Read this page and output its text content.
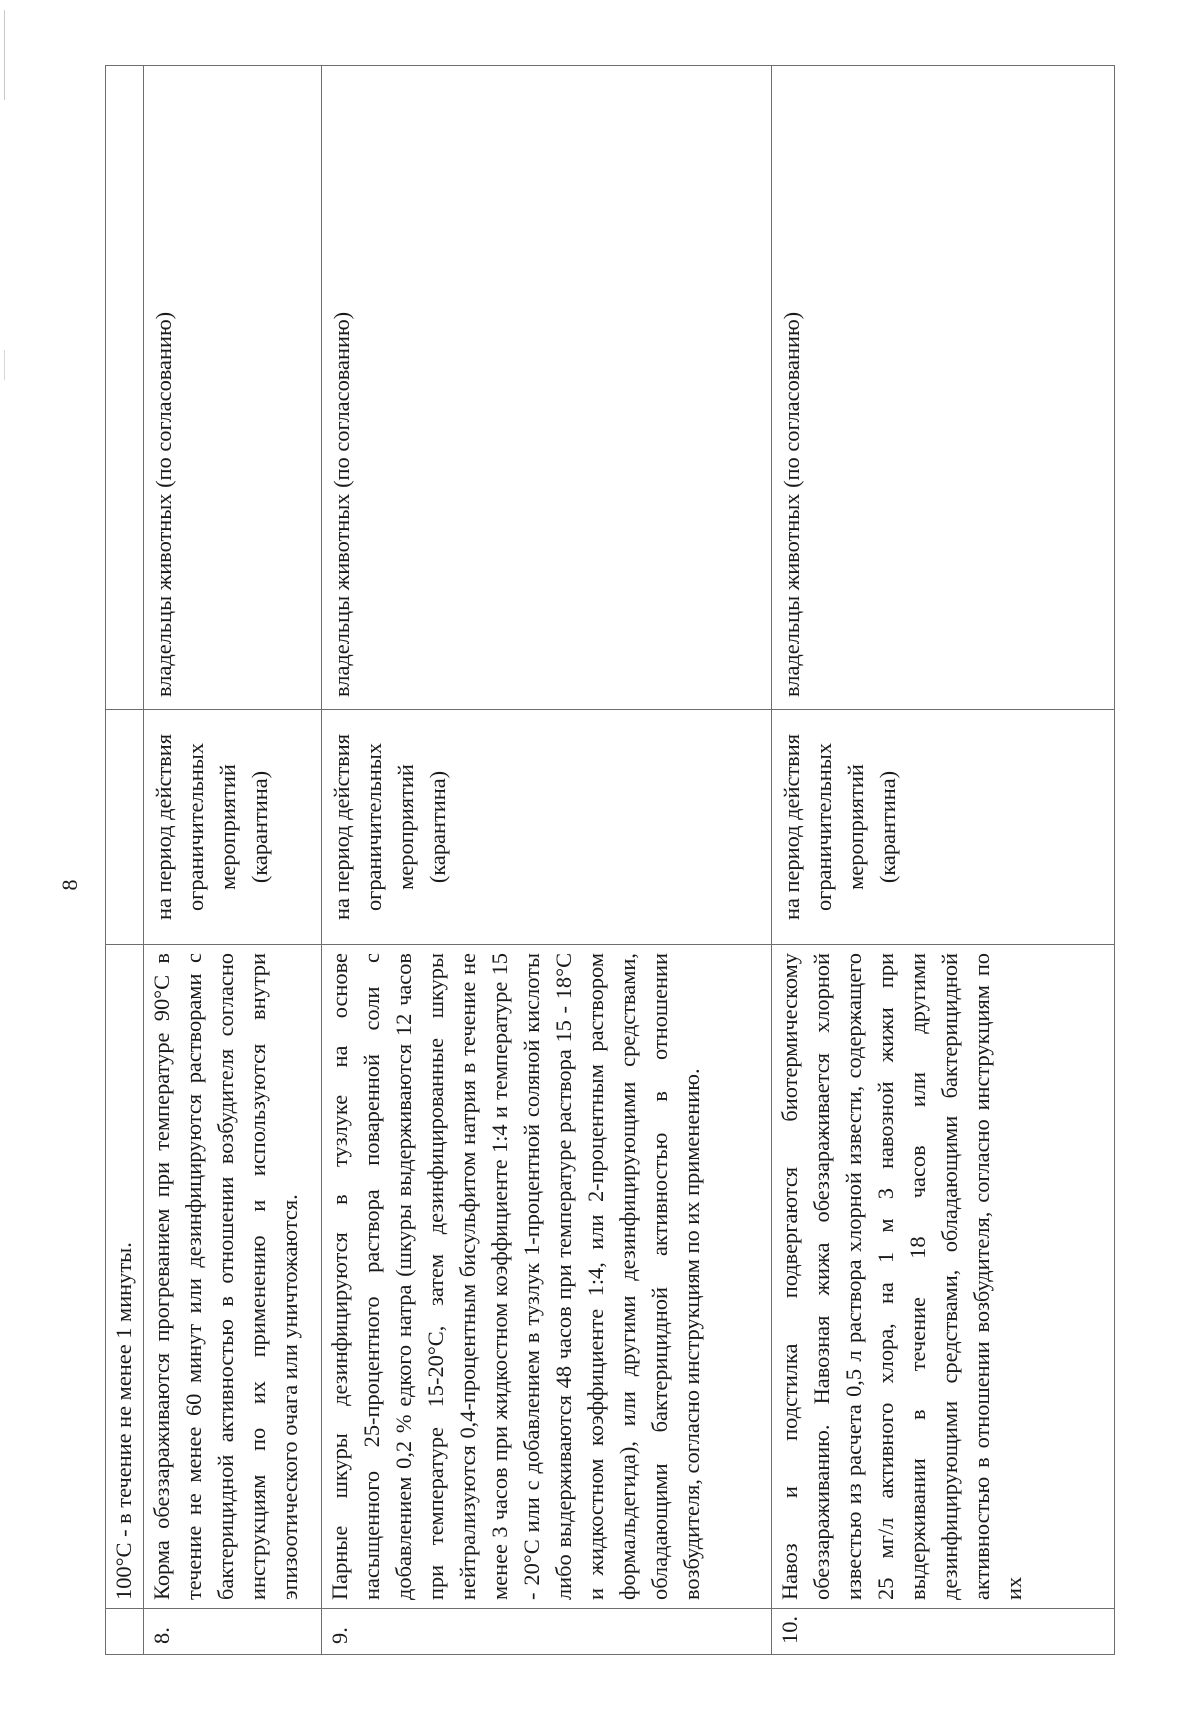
8
	100°С - в течение не менее 1 минуты.		
8.	Корма обеззараживаются прогреванием при температуре 90°С в течение не менее 60 минут или дезинфицируются растворами с бактерицидной активностью в отношении возбудителя согласно инструкциям по их применению и используются внутри эпизоотического очага или уничтожаются.	на период действия ограничительных мероприятий (карантина)	владельцы животных (по согласованию)
9.	Парные шкуры дезинфицируются в тузлуке на основе насыщенного 25-процентного раствора поваренной соли с добавлением 0,2 % едкого натра (шкуры выдерживаются 12 часов при температуре 15-20°С, затем дезинфицированные шкуры нейтрализуются 0,4-процентным бисульфитом натрия в течение не менее 3 часов при жидкостном коэффициенте 1:4 и температуре 15 - 20°С или с добавлением в тузлук 1-процентной соляной кислоты либо выдерживаются 48 часов при температуре раствора 15 - 18°С и жидкостном коэффициенте 1:4, или 2-процентным раствором формальдегида), или другими дезинфицирующими средствами, обладающими бактерицидной активностью в отношении возбудителя, согласно инструкциям по их применению.	на период действия ограничительных мероприятий (карантина)	владельцы животных (по согласованию)
10.	Навоз и подстилка подвергаются биотермическому обеззараживанию. Навозная жижа обеззараживается хлорной известью из расчета 0,5 л раствора хлорной извести, содержащего 25 мг/л активного хлора, на 1 м 3 навозной жижи при выдерживании в течение 18 часов или другими дезинфицирующими средствами, обладающими бактерицидной активностью в отношении возбудителя, согласно инструкциям по их	на период действия ограничительных мероприятий (карантина)	владельцы животных (по согласованию)
